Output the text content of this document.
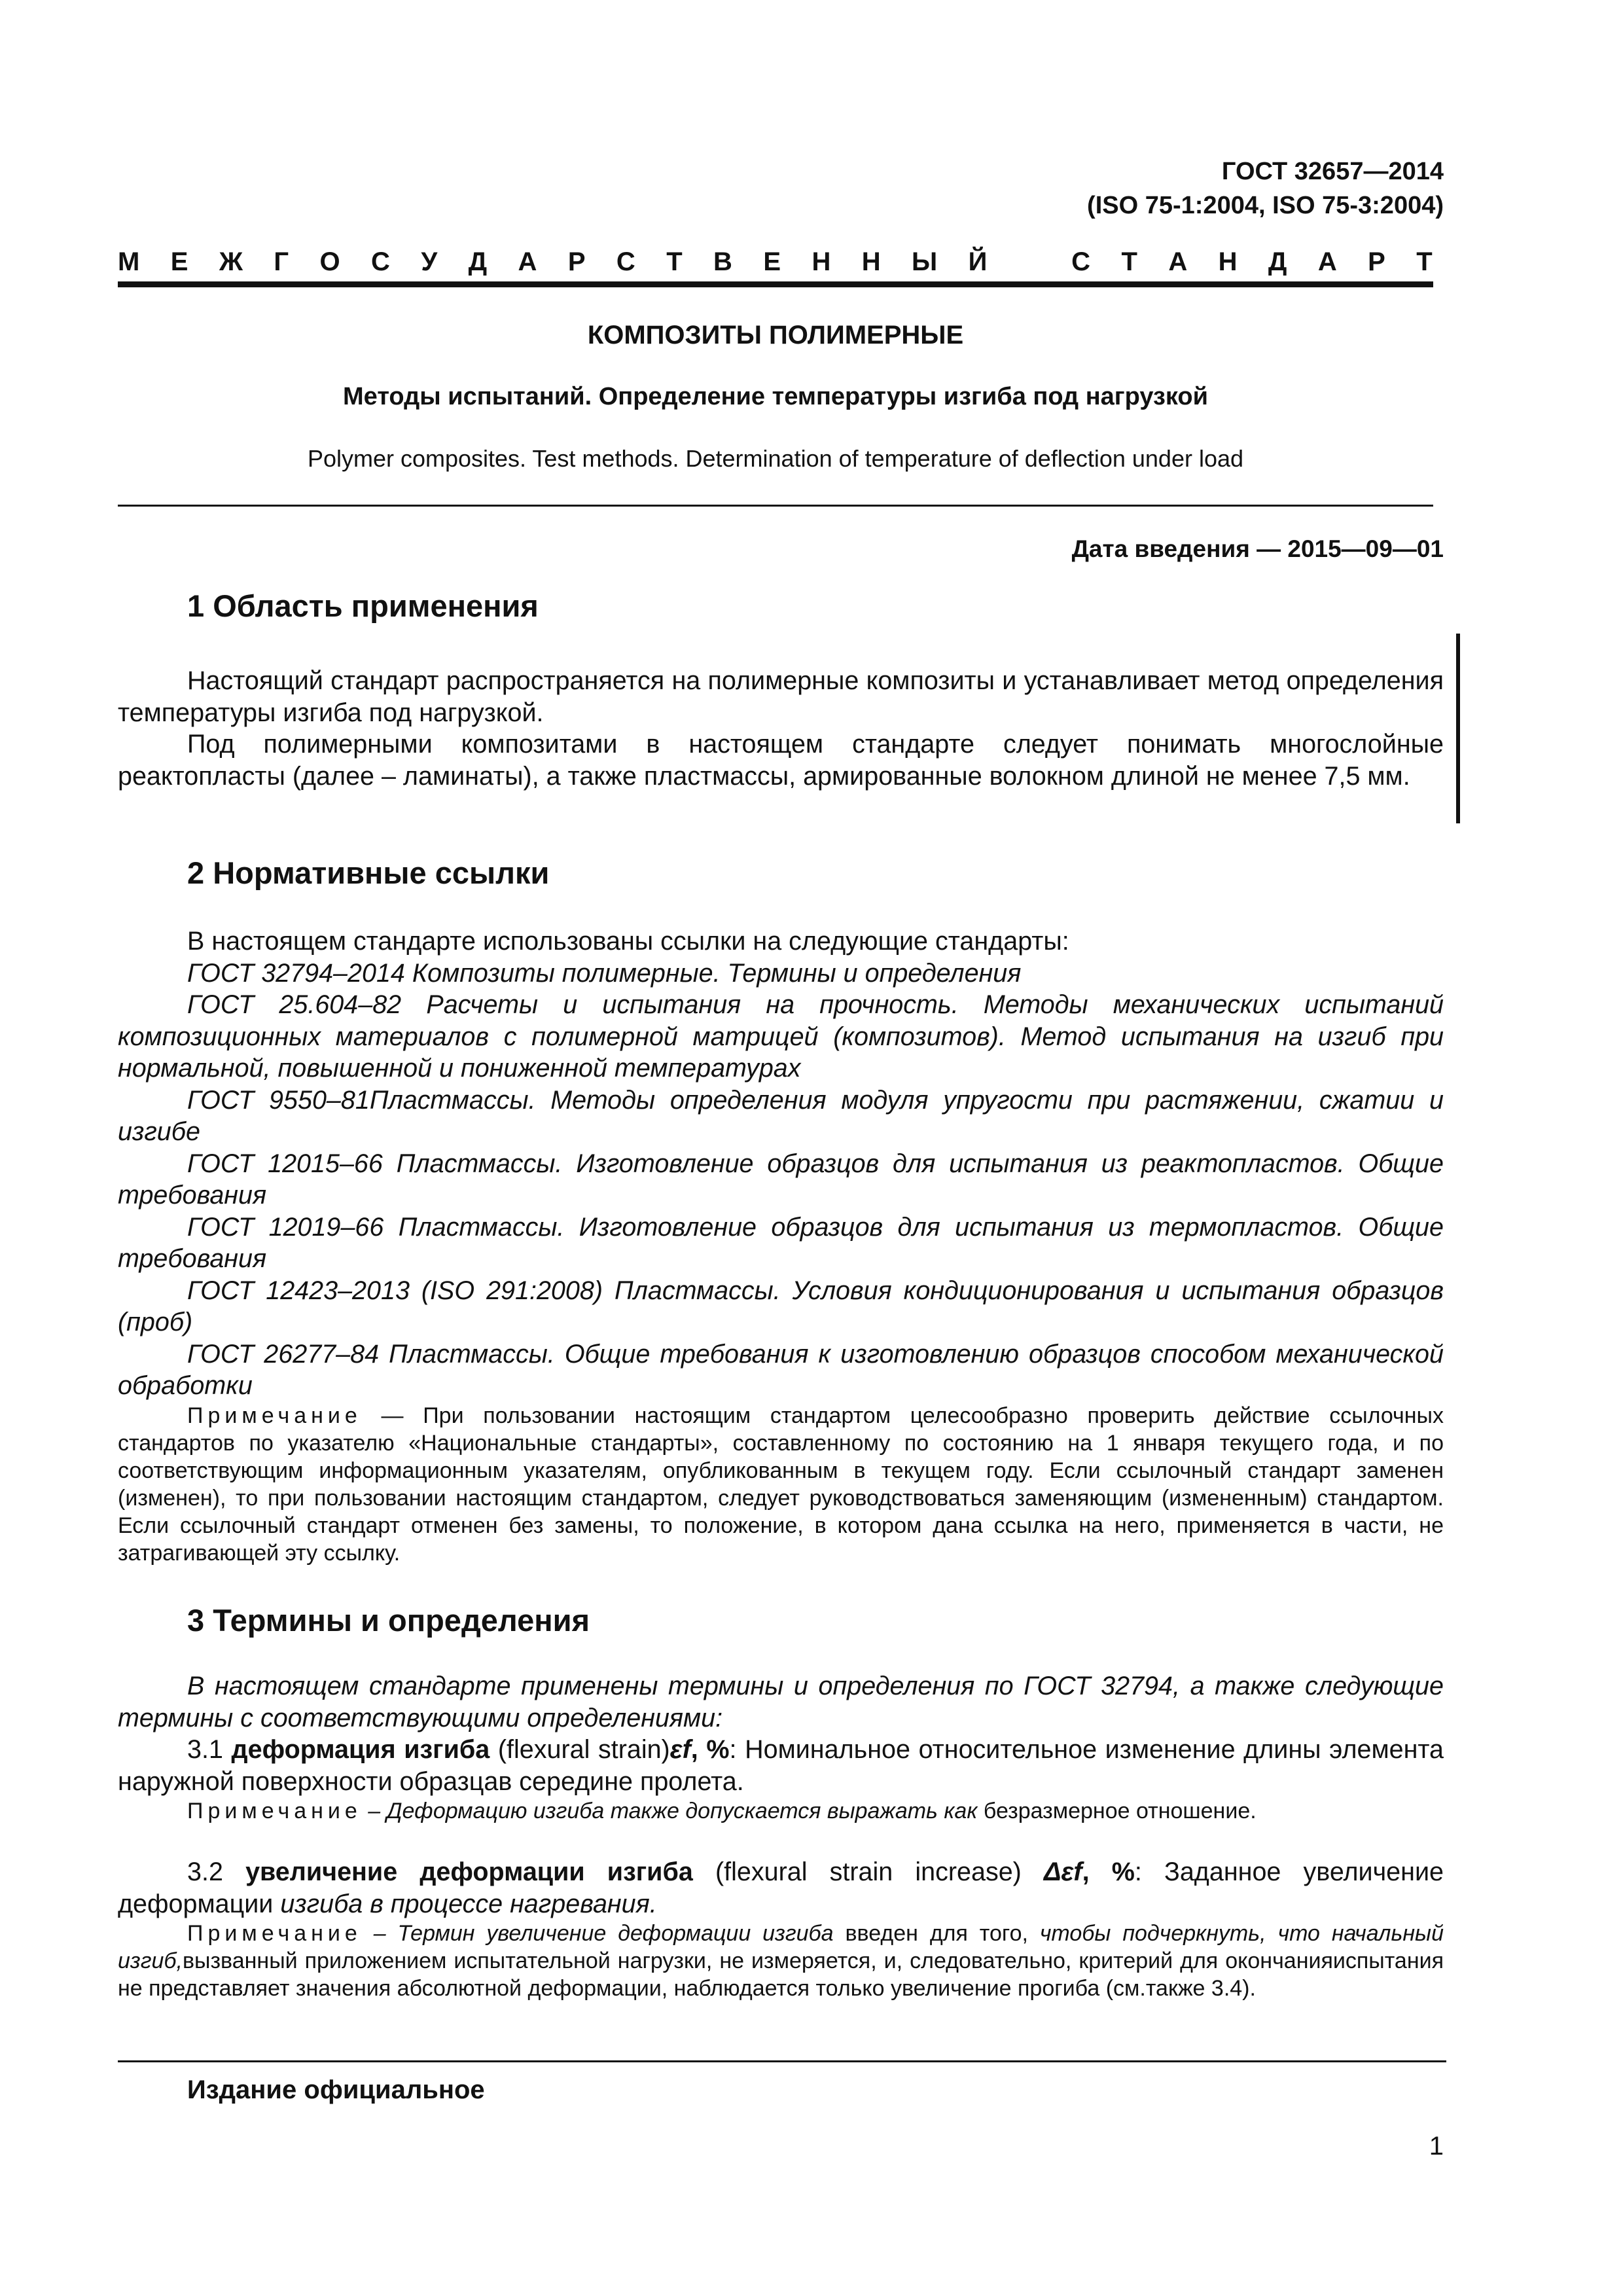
ГОСТ 32657—2014
(ISO 75-1:2004, ISO 75-3:2004)
М Е Ж Г О С У Д А Р С Т В Е Н Н Ы Й	С Т А Н Д А Р Т
КОМПОЗИТЫ ПОЛИМЕРНЫЕ
Методы испытаний. Определение температуры изгиба под нагрузкой
Polymer composites. Test methods. Determination of temperature of deflection under load
Дата введения — 2015—09—01
1 Область применения

Настоящий стандарт распространяется на полимерные композиты и устанавливает метод определения температуры изгиба под нагрузкой.

Под полимерными композитами в настоящем стандарте следует понимать многослойные реактопласты (далее – ламинаты), а также пластмассы, армированные волокном длиной не менее 7,5 мм.

2 Нормативные ссылки

В настоящем стандарте использованы ссылки на следующие стандарты:

ГОСТ 32794–2014 Композиты полимерные. Термины и определения

ГОСТ 25.604–82 Расчеты и испытания на прочность. Методы механических испытаний композиционных материалов с полимерной матрицей (композитов). Метод испытания на изгиб при нормальной, повышенной и пониженной температурах

ГОСТ 9550–81Пластмассы. Методы определения модуля упругости при растяжении, сжатии и изгибе

ГОСТ 12015–66 Пластмассы. Изготовление образцов для испытания из реактопластов. Общие требования

ГОСТ 12019–66 Пластмассы. Изготовление образцов для испытания из термопластов. Общие требования

ГОСТ 12423–2013 (ISO 291:2008) Пластмассы. Условия кондиционирования и испытания образцов (проб)

ГОСТ 26277–84 Пластмассы. Общие требования к изготовлению образцов способом механической обработки

Примечание — При пользовании настоящим стандартом целесообразно проверить действие ссылочных стандартов по указателю «Национальные стандарты», составленному по состоянию на 1 января текущего года, и по соответствующим информационным указателям, опубликованным в текущем году. Если ссылочный стандарт заменен (изменен), то при пользовании настоящим стандартом, следует руководствоваться заменяющим (измененным) стандартом. Если ссылочный стандарт отменен без замены, то положение, в котором дана ссылка на него, применяется в части, не затрагивающей эту ссылку.

3 Термины и определения

В настоящем стандарте применены термины и определения по ГОСТ 32794, а также следующие термины с соответствующими определениями:

3.1 деформация изгиба (flexural strain)εf, %: Номинальное относительное изменение длины элемента наружной поверхности образцав середине пролета.

Примечание – Деформацию изгиба также допускается выражать как безразмерное отношение.

3.2 увеличение деформации изгиба (flexural strain increase) Δεf, %: Заданное увеличение деформации изгиба в процессе нагревания.

Примечание – Термин увеличение деформации изгиба введен для того, чтобы подчеркнуть, что начальный изгиб,вызванный приложением испытательной нагрузки, не измеряется, и, следовательно, критерий для окончанияиспытания не представляет значения абсолютной деформации, наблюдается только увеличение прогиба (см.также 3.4).

Издание официальное
1
